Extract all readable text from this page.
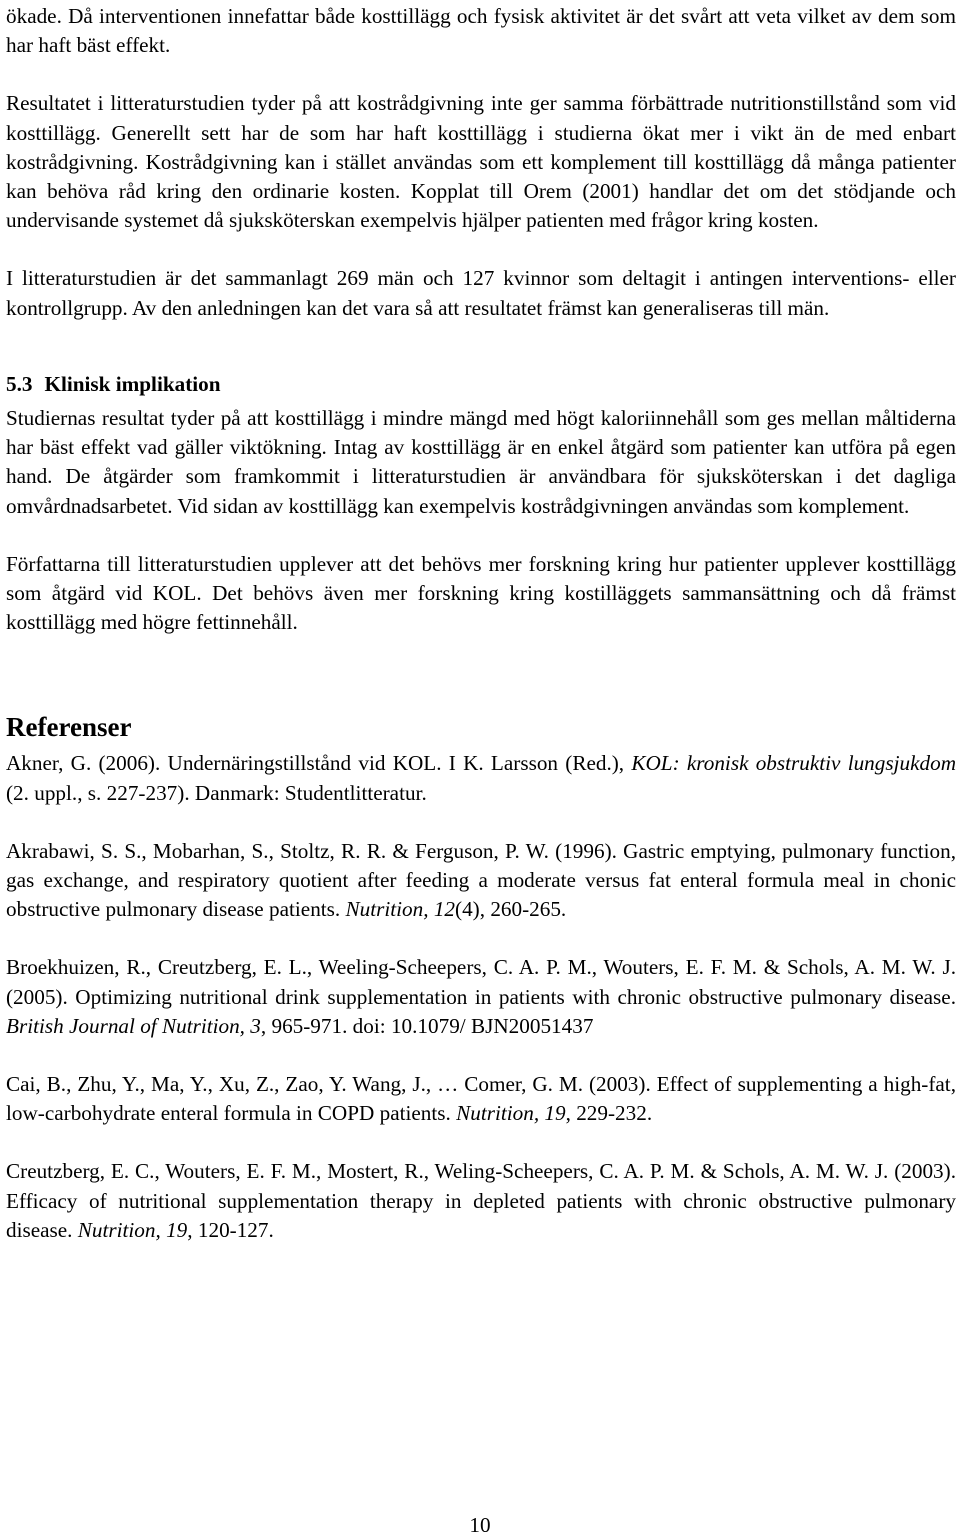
ökade. Då interventionen innefattar både kosttillägg och fysisk aktivitet är det svårt att veta vilket av dem som har haft bäst effekt.

Resultatet i litteraturstudien tyder på att kostrådgivning inte ger samma förbättrade nutritionstillstånd som vid kosttillägg. Generellt sett har de som har haft kosttillägg i studierna ökat mer i vikt än de med enbart kostrådgivning. Kostrådgivning kan i stället användas som ett komplement till kosttillägg då många patienter kan behöva råd kring den ordinarie kosten. Kopplat till Orem (2001) handlar det om det stödjande och undervisande systemet då sjuksköterskan exempelvis hjälper patienten med frågor kring kosten.

I litteraturstudien är det sammanlagt 269 män och 127 kvinnor som deltagit i antingen interventions- eller kontrollgrupp. Av den anledningen kan det vara så att resultatet främst kan generaliseras till män.

5.3 Klinisk implikation

Studiernas resultat tyder på att kosttillägg i mindre mängd med högt kaloriinnehåll som ges mellan måltiderna har bäst effekt vad gäller viktökning. Intag av kosttillägg är en enkel åtgärd som patienter kan utföra på egen hand. De åtgärder som framkommit i litteraturstudien är användbara för sjuksköterskan i det dagliga omvårdnadsarbetet. Vid sidan av kosttillägg kan exempelvis kostrådgivningen användas som komplement.

Författarna till litteraturstudien upplever att det behövs mer forskning kring hur patienter upplever kosttillägg som åtgärd vid KOL. Det behövs även mer forskning kring kostilläggets sammansättning och då främst kosttillägg med högre fettinnehåll.

Referenser

Akner, G. (2006). Undernäringstillstånd vid KOL. I K. Larsson (Red.), KOL: kronisk obstruktiv lungsjukdom (2. uppl., s. 227-237). Danmark: Studentlitteratur.

Akrabawi, S. S., Mobarhan, S., Stoltz, R. R. & Ferguson, P. W. (1996). Gastric emptying, pulmonary function, gas exchange, and respiratory quotient after feeding a moderate versus fat enteral formula meal in chonic obstructive pulmonary disease patients. Nutrition, 12(4), 260-265.

Broekhuizen, R., Creutzberg, E. L., Weeling-Scheepers, C. A. P. M., Wouters, E. F. M. & Schols, A. M. W. J. (2005). Optimizing nutritional drink supplementation in patients with chronic obstructive pulmonary disease. British Journal of Nutrition, 3, 965-971. doi: 10.1079/ BJN20051437

Cai, B., Zhu, Y., Ma, Y., Xu, Z., Zao, Y. Wang, J., … Comer, G. M. (2003). Effect of supplementing a high-fat, low-carbohydrate enteral formula in COPD patients. Nutrition, 19, 229-232.

Creutzberg, E. C., Wouters, E. F. M., Mostert, R., Weling-Scheepers, C. A. P. M. & Schols, A. M. W. J. (2003). Efficacy of nutritional supplementation therapy in depleted patients with chronic obstructive pulmonary disease. Nutrition, 19, 120-127.

10
